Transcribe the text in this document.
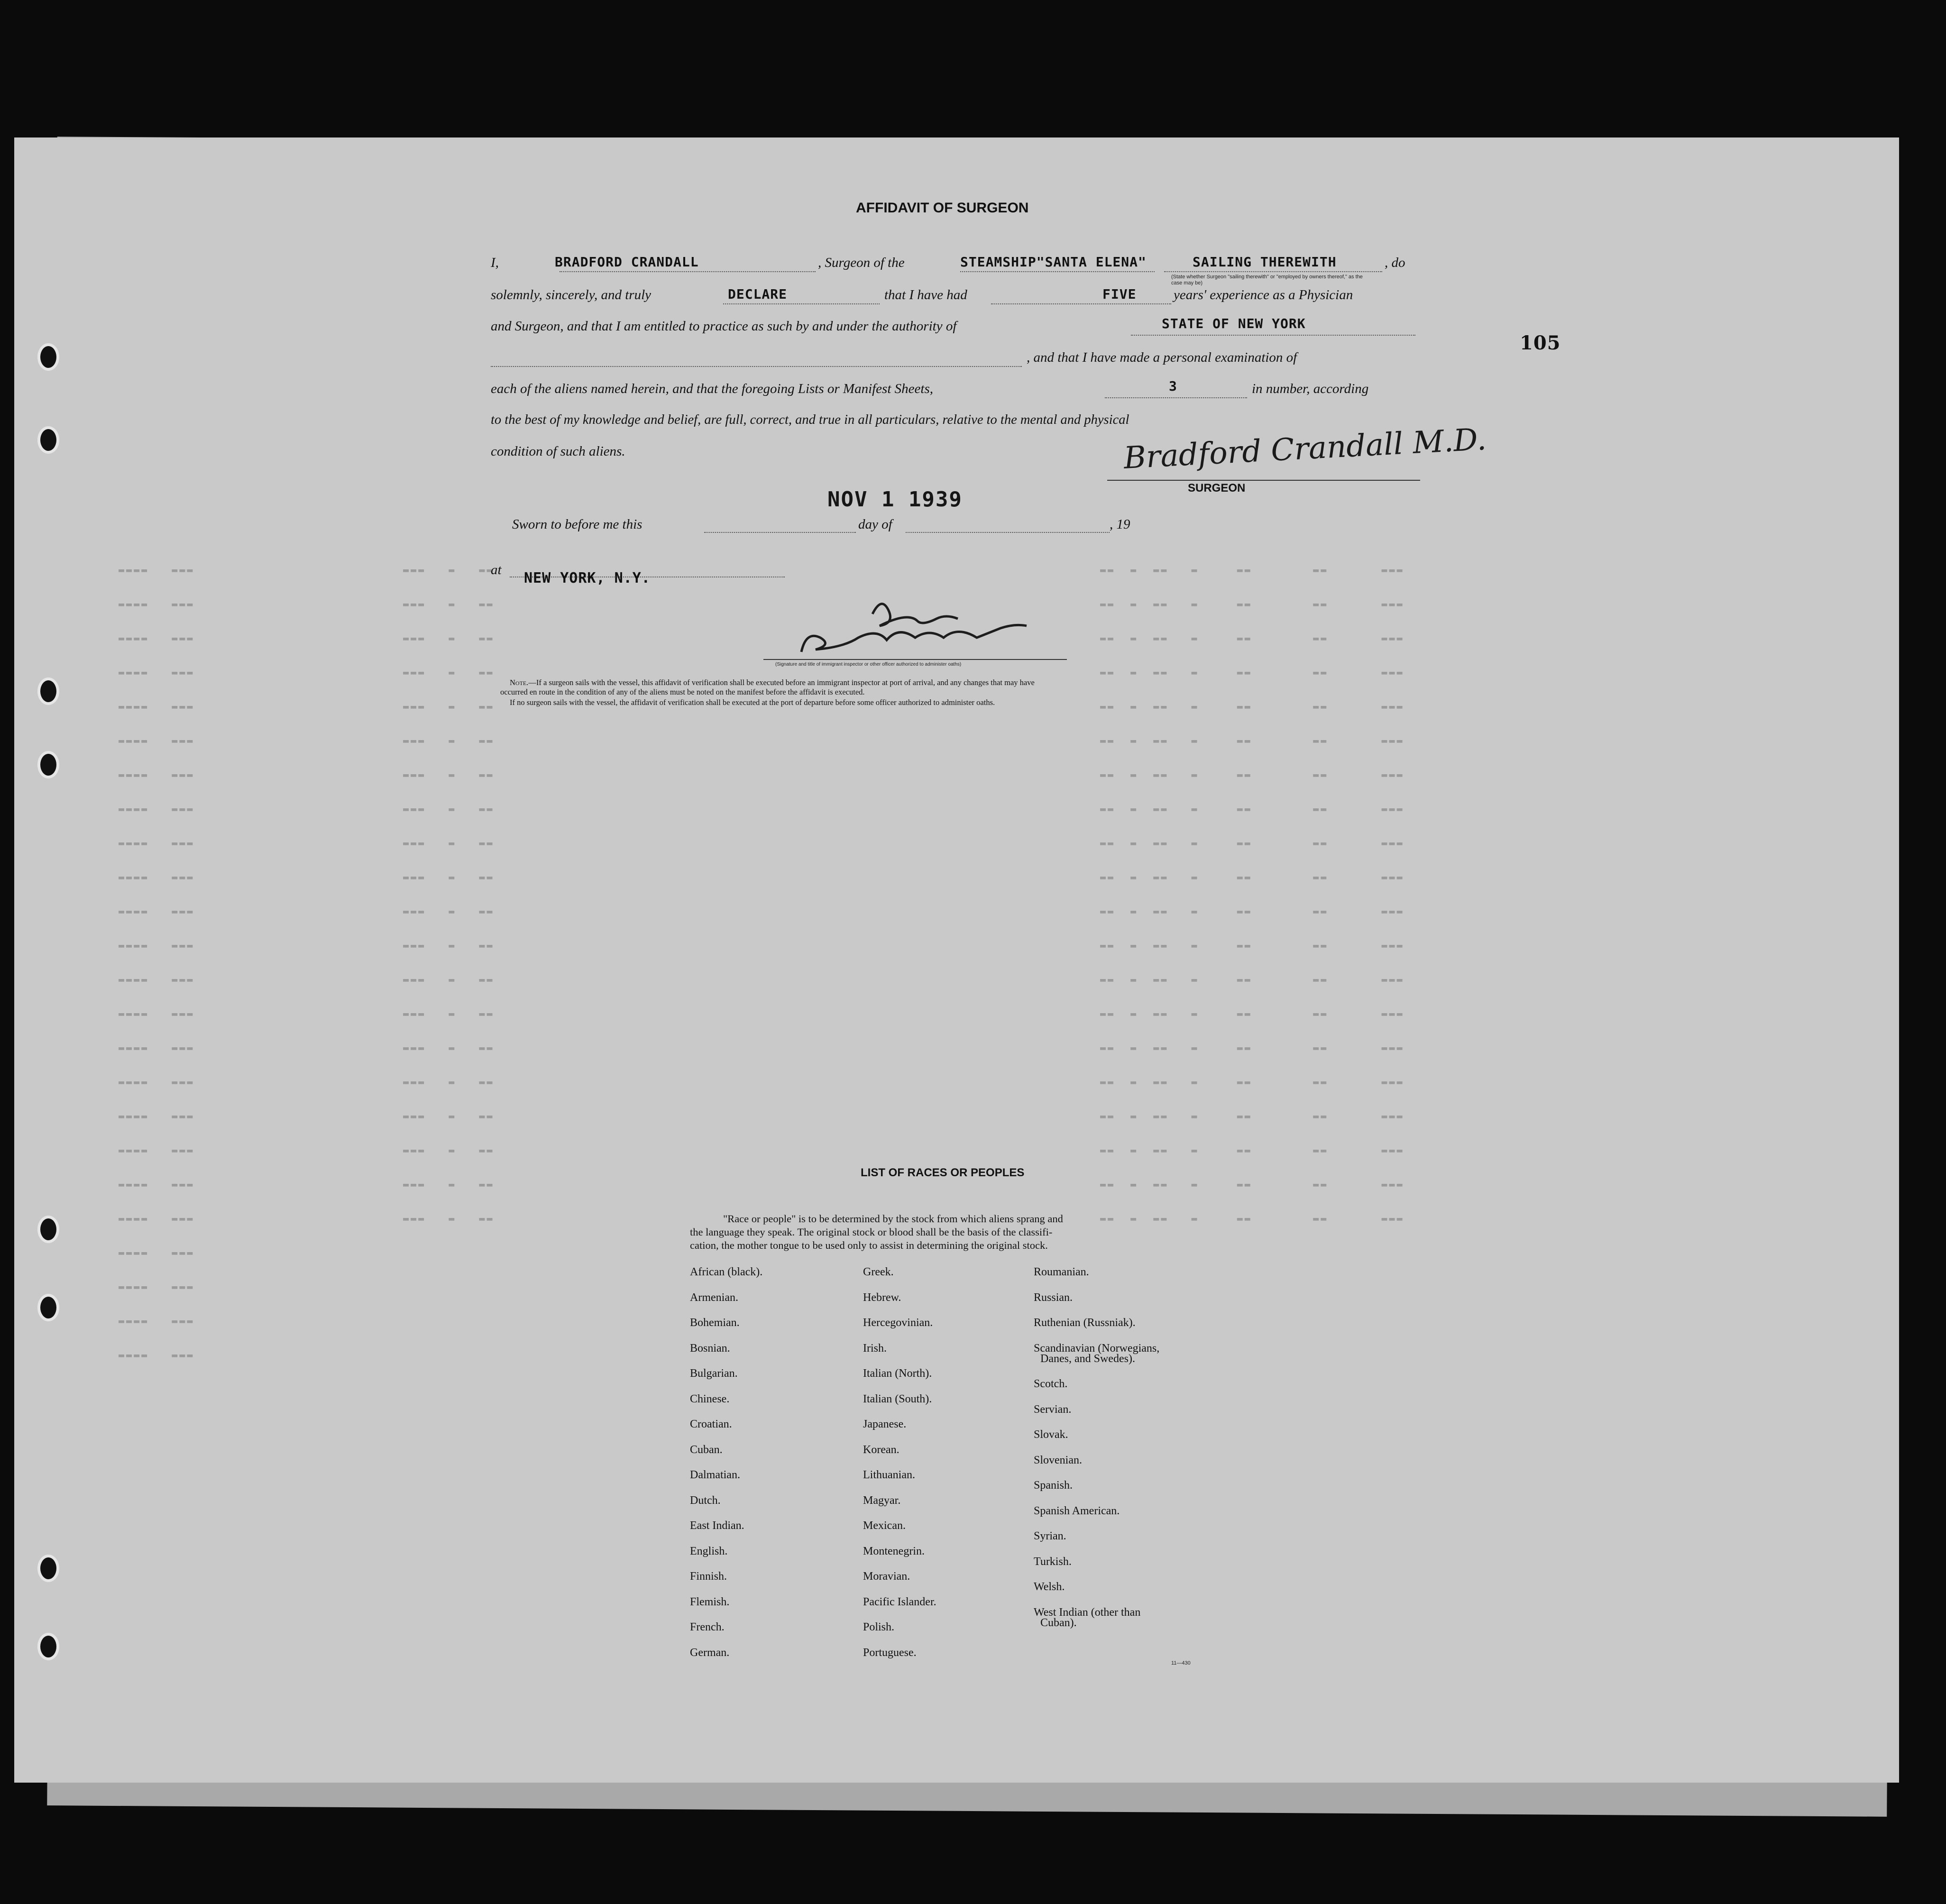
▬▬▬▬   ▬▬▬

▬▬▬▬   ▬▬▬

▬▬▬▬   ▬▬▬

▬▬▬▬   ▬▬▬

▬▬▬▬   ▬▬▬

▬▬▬▬   ▬▬▬

▬▬▬▬   ▬▬▬

▬▬▬▬   ▬▬▬

▬▬▬▬   ▬▬▬

▬▬▬▬   ▬▬▬

▬▬▬▬   ▬▬▬

▬▬▬▬   ▬▬▬

▬▬▬▬   ▬▬▬

▬▬▬▬   ▬▬▬

▬▬▬▬   ▬▬▬

▬▬▬▬   ▬▬▬

▬▬▬▬   ▬▬▬

▬▬▬▬   ▬▬▬

▬▬▬▬   ▬▬▬

▬▬▬▬   ▬▬▬

▬▬▬▬   ▬▬▬

▬▬▬▬   ▬▬▬

▬▬▬▬   ▬▬▬

▬▬▬▬   ▬▬▬
▬▬▬   ▬   ▬▬

▬▬▬   ▬   ▬▬

▬▬▬   ▬   ▬▬

▬▬▬   ▬   ▬▬

▬▬▬   ▬   ▬▬

▬▬▬   ▬   ▬▬

▬▬▬   ▬   ▬▬

▬▬▬   ▬   ▬▬

▬▬▬   ▬   ▬▬

▬▬▬   ▬   ▬▬

▬▬▬   ▬   ▬▬

▬▬▬   ▬   ▬▬

▬▬▬   ▬   ▬▬

▬▬▬   ▬   ▬▬

▬▬▬   ▬   ▬▬

▬▬▬   ▬   ▬▬

▬▬▬   ▬   ▬▬

▬▬▬   ▬   ▬▬

▬▬▬   ▬   ▬▬

▬▬▬   ▬   ▬▬
▬▬  ▬  ▬▬   ▬     ▬▬        ▬▬       ▬▬▬

▬▬  ▬  ▬▬   ▬     ▬▬        ▬▬       ▬▬▬

▬▬  ▬  ▬▬   ▬     ▬▬        ▬▬       ▬▬▬

▬▬  ▬  ▬▬   ▬     ▬▬        ▬▬       ▬▬▬

▬▬  ▬  ▬▬   ▬     ▬▬        ▬▬       ▬▬▬

▬▬  ▬  ▬▬   ▬     ▬▬        ▬▬       ▬▬▬

▬▬  ▬  ▬▬   ▬     ▬▬        ▬▬       ▬▬▬

▬▬  ▬  ▬▬   ▬     ▬▬        ▬▬       ▬▬▬

▬▬  ▬  ▬▬   ▬     ▬▬        ▬▬       ▬▬▬

▬▬  ▬  ▬▬   ▬     ▬▬        ▬▬       ▬▬▬

▬▬  ▬  ▬▬   ▬     ▬▬        ▬▬       ▬▬▬

▬▬  ▬  ▬▬   ▬     ▬▬        ▬▬       ▬▬▬

▬▬  ▬  ▬▬   ▬     ▬▬        ▬▬       ▬▬▬

▬▬  ▬  ▬▬   ▬     ▬▬        ▬▬       ▬▬▬

▬▬  ▬  ▬▬   ▬     ▬▬        ▬▬       ▬▬▬

▬▬  ▬  ▬▬   ▬     ▬▬        ▬▬       ▬▬▬

▬▬  ▬  ▬▬   ▬     ▬▬        ▬▬       ▬▬▬

▬▬  ▬  ▬▬   ▬     ▬▬        ▬▬       ▬▬▬

▬▬  ▬  ▬▬   ▬     ▬▬        ▬▬       ▬▬▬

▬▬  ▬  ▬▬   ▬     ▬▬        ▬▬       ▬▬▬
105
AFFIDAVIT OF SURGEON
I,	BRADFORD CRANDALL	, Surgeon of the	STEAMSHIP"SANTA ELENA"	SAILING THEREWITH	, do
(State whether Surgeon "sailing therewith" or "employed by owners thereof," as the case may be)
solemnly, sincerely, and truly	DECLARE	that I have had	FIVE	years' experience as a Physician
and Surgeon, and that I am entitled to practice as such by and under the authority of	STATE OF NEW YORK
, and that I have made a personal examination of
each of the aliens named herein, and that the foregoing Lists or Manifest Sheets,	3	in number, according
to the best of my knowledge and belief, are full, correct, and true in all particulars, relative to the mental and physical
condition of such aliens.	Bradford Crandall M.D.
SURGEON
NOV 1 1939
Sworn to before me this	day of	, 19
at NEW YORK, N.Y.
(Signature and title of immigrant inspector or other officer authorized to administer oaths)
Note.—If a surgeon sails with the vessel, this affidavit of verification shall be executed before an immigrant inspector at port of arrival, and any changes that may have
occurred en route in the condition of any of the aliens must be noted on the manifest before the affidavit is executed.
If no surgeon sails with the vessel, the affidavit of verification shall be executed at the port of departure before some officer authorized to administer oaths.
LIST OF RACES OR PEOPLES
"Race or people" is to be determined by the stock from which aliens sprang and
the language they speak. The original stock or blood shall be the basis of the classifi-
cation, the mother tongue to be used only to assist in determining the original stock.
African (black).
Armenian.
Bohemian.
Bosnian.
Bulgarian.
Chinese.
Croatian.
Cuban.
Dalmatian.
Dutch.
East Indian.
English.
Finnish.
Flemish.
French.
German.
Greek.
Hebrew.
Hercegovinian.
Irish.
Italian (North).
Italian (South).
Japanese.
Korean.
Lithuanian.
Magyar.
Mexican.
Montenegrin.
Moravian.
Pacific Islander.
Polish.
Portuguese.
Roumanian.
Russian.
Ruthenian (Russniak).
Scandinavian (Norwegians,
Danes, and Swedes).
Scotch.
Servian.
Slovak.
Slovenian.
Spanish.
Spanish American.
Syrian.
Turkish.
Welsh.
West Indian (other than
Cuban).
11—430
